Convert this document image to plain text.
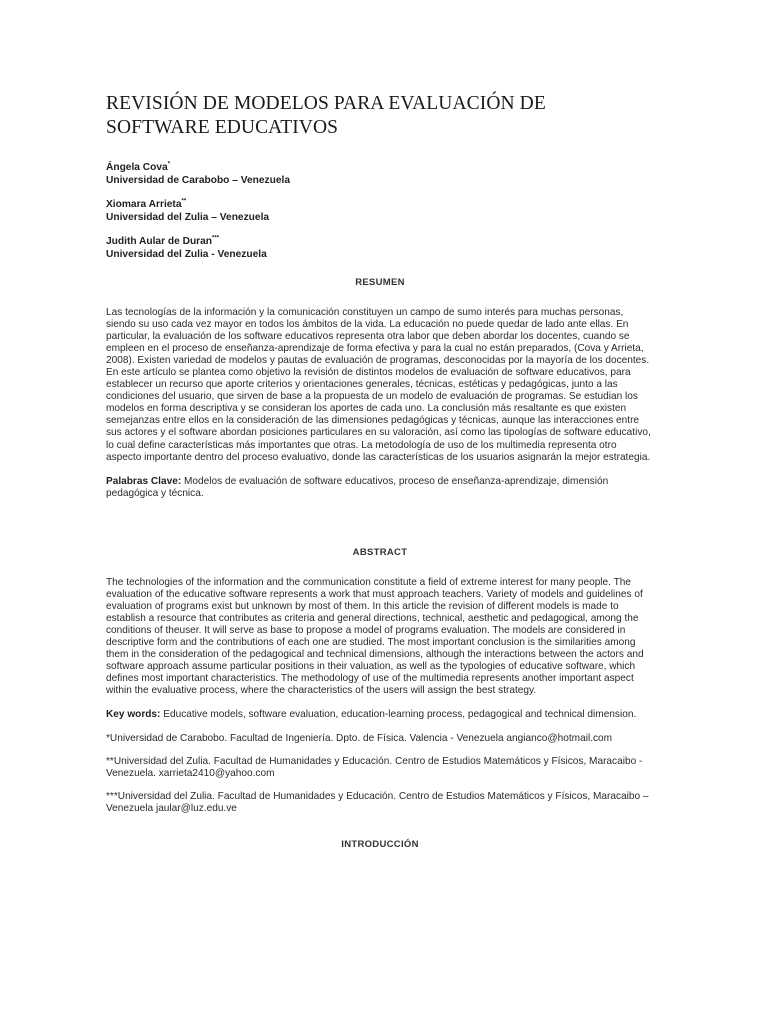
REVISIÓN DE MODELOS PARA EVALUACIÓN DE
SOFTWARE EDUCATIVOS
Ángela Cova*
Universidad de Carabobo – Venezuela
Xiomara Arrieta**
Universidad del Zulia – Venezuela
Judith Aular de Duran***
Universidad del Zulia - Venezuela
RESUMEN

Las tecnologías de la información y la comunicación constituyen un campo de sumo interés para muchas personas, siendo su uso cada vez mayor en todos los ámbitos de la vida. La educación no puede quedar de lado ante ellas. En particular, la evaluación de los software educativos representa otra labor que deben abordar los docentes, cuando se empleen en el proceso de enseñanza-aprendizaje de forma efectiva y para la cual no están preparados, (Cova y Arrieta, 2008). Existen variedad de modelos y pautas de evaluación de programas, desconocidas por la mayoría de los docentes. En este artículo se plantea como objetivo la revisión de distintos modelos de evaluación de software educativos, para establecer un recurso que aporte criterios y orientaciones generales, técnicas, estéticas y pedagógicas, junto a las condiciones del usuario, que sirven de base a la propuesta de un modelo de evaluación de programas. Se estudian los modelos en forma descriptiva y se consideran los aportes de cada uno. La conclusión más resaltante es que existen semejanzas entre ellos en la consideración de las dimensiones pedagógicas y técnicas, aunque las interacciones entre sus actores y el software abordan posiciones particulares en su valoración, así como las tipologías de software educativo, lo cual define características más importantes que otras. La metodología de uso de los multimedia representa otro aspecto importante dentro del proceso evaluativo, donde las características de los usuarios asignarán la mejor estrategia.

Palabras Clave: Modelos de evaluación de software educativos, proceso de enseñanza-aprendizaje, dimensión pedagógica y técnica.

ABSTRACT

The technologies of the information and the communication constitute a field of extreme interest for many people. The evaluation of the educative software represents a work that must approach teachers. Variety of models and guidelines of evaluation of programs exist but unknown by most of them. In this article the revision of different models is made to establish a resource that contributes as criteria and general directions, technical, aesthetic and pedagogical, among the conditions of theuser. It will serve as base to propose a model of programs evaluation. The models are considered in descriptive form and the contributions of each one are studied. The most important conclusion is the similarities among them in the consideration of the pedagogical and technical dimensions, although the interactions between the actors and software approach assume particular positions in their valuation, as well as the typologies of educative software, which defines most important characteristics. The methodology of use of the multimedia represents another important aspect within the evaluative process, where the characteristics of the users will assign the best strategy.

Key words: Educative models, software evaluation, education-learning process, pedagogical and technical dimension.

*Universidad de Carabobo. Facultad de Ingeniería. Dpto. de Física. Valencia - Venezuela angianco@hotmail.com

**Universidad del Zulia. Facultad de Humanidades y Educación. Centro de Estudios Matemáticos y Físicos, Maracaibo - Venezuela. xarrieta2410@yahoo.com

***Universidad del Zulia. Facultad de Humanidades y Educación. Centro de Estudios Matemáticos y Físicos, Maracaibo – Venezuela jaular@luz.edu.ve

INTRODUCCIÓN
